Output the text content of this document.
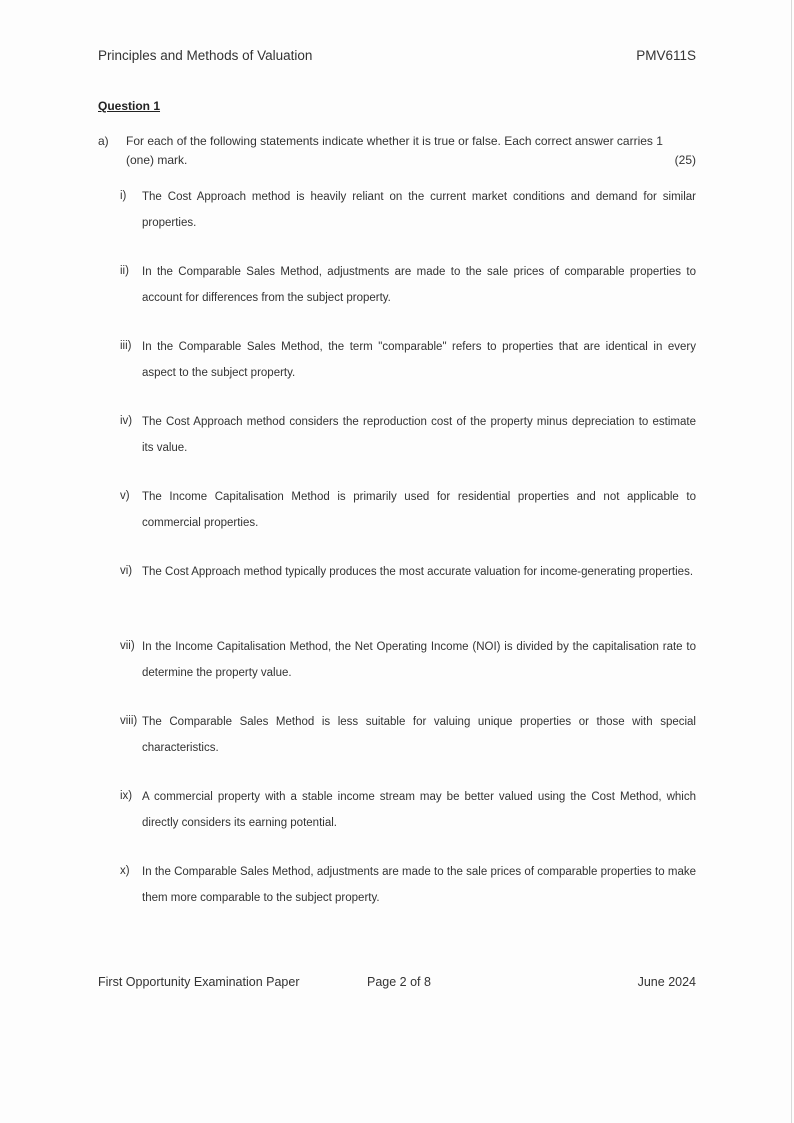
Principles and Methods of Valuation	PMV611S
Question 1
a) For each of the following statements indicate whether it is true or false. Each correct answer carries 1
(one) mark.	(25)
i) The Cost Approach method is heavily reliant on the current market conditions and demand for similar properties.
ii) In the Comparable Sales Method, adjustments are made to the sale prices of comparable properties to account for differences from the subject property.
iii) In the Comparable Sales Method, the term "comparable" refers to properties that are identical in every aspect to the subject property.
iv) The Cost Approach method considers the reproduction cost of the property minus depreciation to estimate its value.
v) The Income Capitalisation Method is primarily used for residential properties and not applicable to commercial properties.
vi) The Cost Approach method typically produces the most accurate valuation for income-generating properties.
vii) In the Income Capitalisation Method, the Net Operating Income (NOI) is divided by the capitalisation rate to determine the property value.
viii) The Comparable Sales Method is less suitable for valuing unique properties or those with special characteristics.
ix) A commercial property with a stable income stream may be better valued using the Cost Method, which directly considers its earning potential.
x) In the Comparable Sales Method, adjustments are made to the sale prices of comparable properties to make them more comparable to the subject property.
First Opportunity Examination Paper	Page 2 of 8	June 2024
